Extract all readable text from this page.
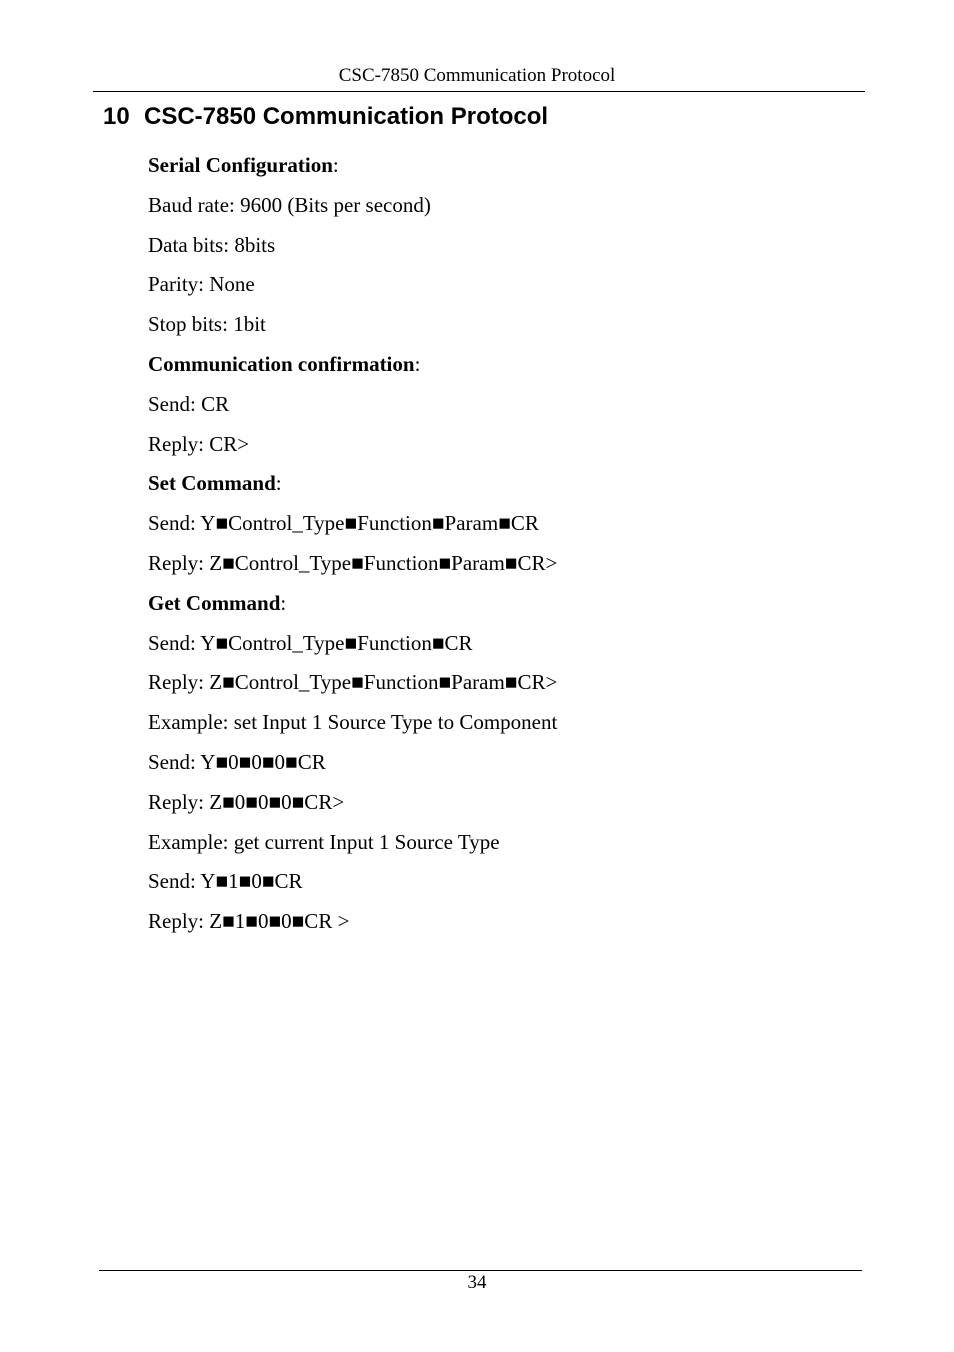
CSC-7850 Communication Protocol
10 CSC-7850 Communication Protocol
Serial Configuration:
Baud rate: 9600 (Bits per second)
Data bits: 8bits
Parity: None
Stop bits: 1bit
Communication confirmation:
Send: CR
Reply: CR>
Set Command:
Send: Y■Control_Type■Function■Param■CR
Reply: Z■Control_Type■Function■Param■CR>
Get Command:
Send: Y■Control_Type■Function■CR
Reply: Z■Control_Type■Function■Param■CR>
Example: set Input 1 Source Type to Component
Send: Y■0■0■0■CR
Reply: Z■0■0■0■CR>
Example: get current Input 1 Source Type
Send: Y■1■0■CR
Reply: Z■1■0■0■CR >
34
